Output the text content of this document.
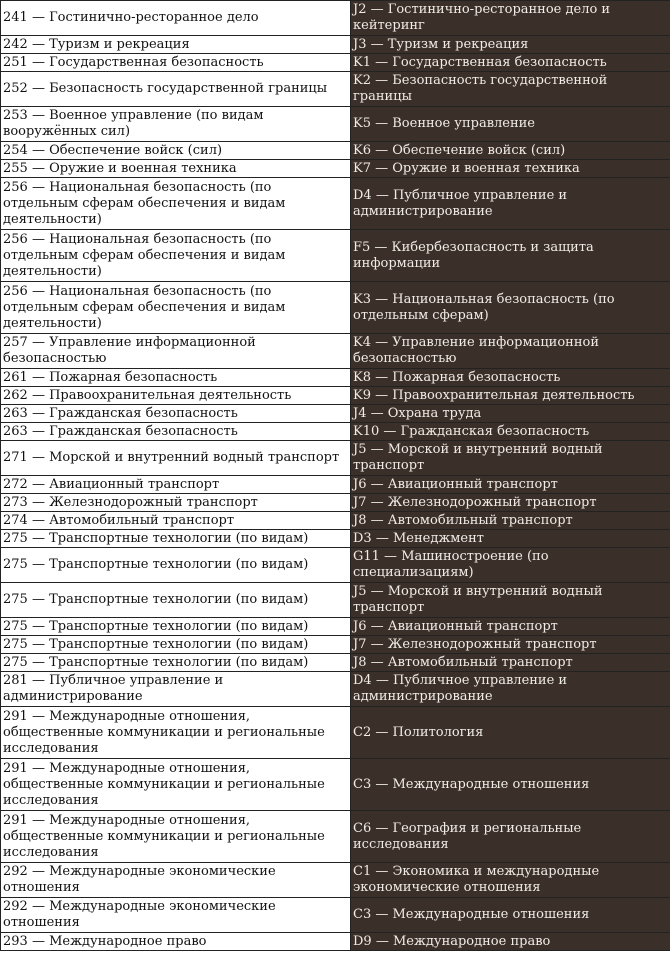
241 — Гостинично-ресторанное дело	J2 — Гостинично-ресторанное дело и кейтеринг
242 — Туризм и рекреация	J3 — Туризм и рекреация
251 — Государственная безопасность	K1 — Государственная безопасность
252 — Безопасность государственной границы	K2 — Безопасность государственной границы
253 — Военное управление (по видам вооружённых сил)	K5 — Военное управление
254 — Обеспечение войск (сил)	K6 — Обеспечение войск (сил)
255 — Оружие и военная техника	K7 — Оружие и военная техника
256 — Национальная безопасность (по отдельным сферам обеспечения и видам деятельности)	D4 — Публичное управление и администрирование
256 — Национальная безопасность (по отдельным сферам обеспечения и видам деятельности)	F5 — Кибербезопасность и защита информации
256 — Национальная безопасность (по отдельным сферам обеспечения и видам деятельности)	K3 — Национальная безопасность (по отдельным сферам)
257 — Управление информационной безопасностью	K4 — Управление информационной безопасностью
261 — Пожарная безопасность	K8 — Пожарная безопасность
262 — Правоохранительная деятельность	K9 — Правоохранительная деятельность
263 — Гражданская безопасность	J4 — Охрана труда
263 — Гражданская безопасность	K10 — Гражданская безопасность
271 — Морской и внутренний водный транспорт	J5 — Морской и внутренний водный транспорт
272 — Авиационный транспорт	J6 — Авиационный транспорт
273 — Железнодорожный транспорт	J7 — Железнодорожный транспорт
274 — Автомобильный транспорт	J8 — Автомобильный транспорт
275 — Транспортные технологии (по видам)	D3 — Менеджмент
275 — Транспортные технологии (по видам)	G11 — Машиностроение (по специализациям)
275 — Транспортные технологии (по видам)	J5 — Морской и внутренний водный транспорт
275 — Транспортные технологии (по видам)	J6 — Авиационный транспорт
275 — Транспортные технологии (по видам)	J7 — Железнодорожный транспорт
275 — Транспортные технологии (по видам)	J8 — Автомобильный транспорт
281 — Публичное управление и администрирование	D4 — Публичное управление и администрирование
291 — Международные отношения, общественные коммуникации и региональные исследования	C2 — Политология
291 — Международные отношения, общественные коммуникации и региональные исследования	C3 — Международные отношения
291 — Международные отношения, общественные коммуникации и региональные исследования	C6 — География и региональные исследования
292 — Международные экономические отношения	C1 — Экономика и международные экономические отношения
292 — Международные экономические отношения	C3 — Международные отношения
293 — Международное право	D9 — Международное право
